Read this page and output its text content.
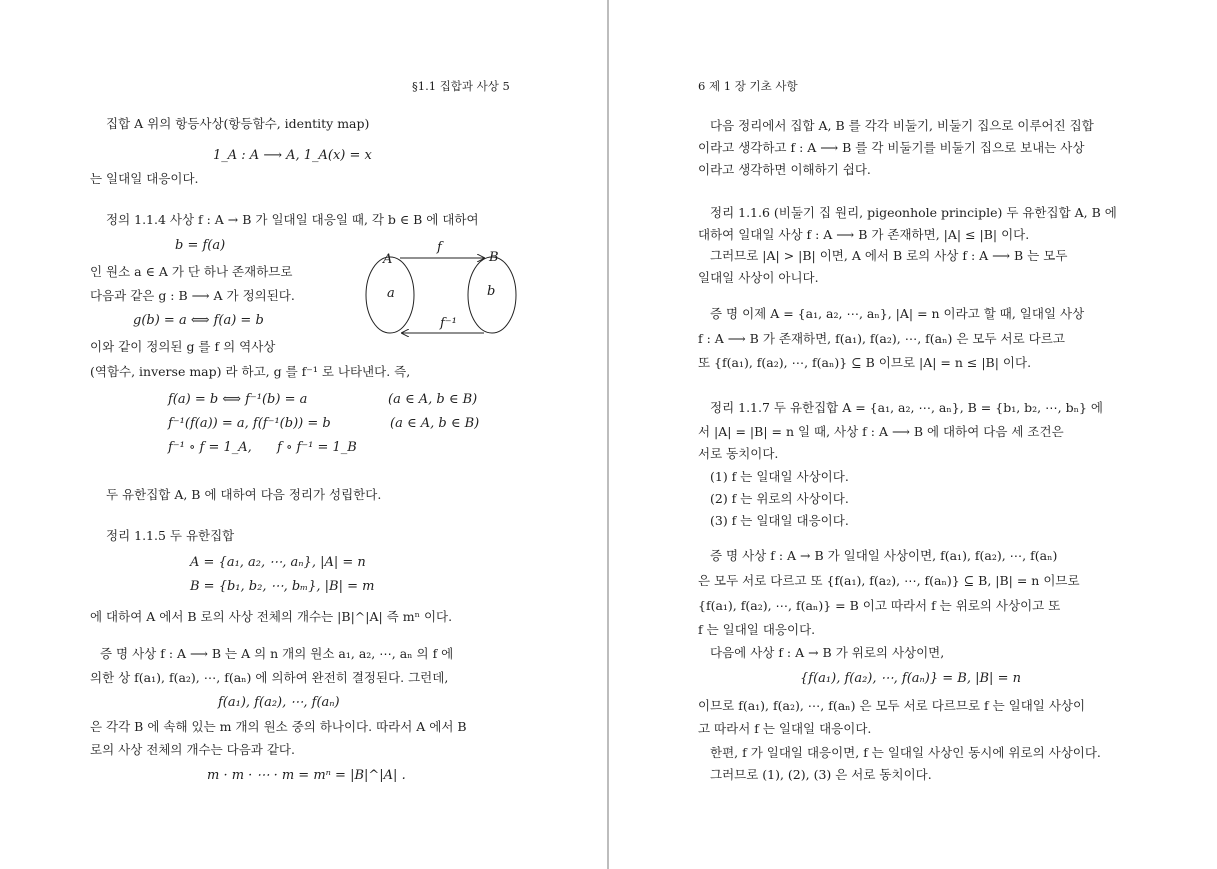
§1.1 집합과 사상 5
집합 A 위의 항등사상(항등함수, identity map)
1_A : A ⟶ A, 1_A(x) = x
는 일대일 대응이다.
정의 1.1.4 사상 f : A → B 가 일대일 대응일 때, 각 b ∈ B 에 대하여
b = f(a)
인 원소 a ∈ A 가 단 하나 존재하므로
다음과 같은 g : B ⟶ A 가 정의된다.
g(b) = a ⟺ f(a) = b
이와 같이 정의된 g 를 f 의 역사상
(역함수, inverse map) 라 하고, g 를 f⁻¹ 로 나타낸다. 즉,
f(a) = b ⟺ f⁻¹(b) = a	(a ∈ A, b ∈ B)
f⁻¹(f(a)) = a, f(f⁻¹(b)) = b	(a ∈ A, b ∈ B)
f⁻¹ ∘ f = 1_A, f ∘ f⁻¹ = 1_B
A	B
a	b
f
f⁻¹
두 유한집합 A, B 에 대하여 다음 정리가 성립한다.
정리 1.1.5 두 유한집합
A = {a₁, a₂, ⋯, aₙ}, |A| = n
B = {b₁, b₂, ⋯, bₘ}, |B| = m
에 대하여 A 에서 B 로의 사상 전체의 개수는 |B|^|A| 즉 mⁿ 이다.
증 명 사상 f : A ⟶ B 는 A 의 n 개의 원소 a₁, a₂, ⋯, aₙ 의 f 에
의한 상 f(a₁), f(a₂), ⋯, f(aₙ) 에 의하여 완전히 결정된다. 그런데,
f(a₁), f(a₂), ⋯, f(aₙ)
은 각각 B 에 속해 있는 m 개의 원소 중의 하나이다. 따라서 A 에서 B
로의 사상 전체의 개수는 다음과 같다.
m · m · ⋯ · m = mⁿ = |B|^|A| .
6 제 1 장 기초 사항
다음 정리에서 집합 A, B 를 각각 비둘기, 비둘기 집으로 이루어진 집합
이라고 생각하고 f : A ⟶ B 를 각 비둘기를 비둘기 집으로 보내는 사상
이라고 생각하면 이해하기 쉽다.
정리 1.1.6 (비둘기 집 원리, pigeonhole principle) 두 유한집합 A, B 에
대하여 일대일 사상 f : A ⟶ B 가 존재하면, |A| ≤ |B| 이다.
그러므로 |A| > |B| 이면, A 에서 B 로의 사상 f : A ⟶ B 는 모두
일대일 사상이 아니다.
증 명 이제 A = {a₁, a₂, ⋯, aₙ}, |A| = n 이라고 할 때, 일대일 사상
f : A ⟶ B 가 존재하면, f(a₁), f(a₂), ⋯, f(aₙ) 은 모두 서로 다르고
또 {f(a₁), f(a₂), ⋯, f(aₙ)} ⊆ B 이므로 |A| = n ≤ |B| 이다.
정리 1.1.7 두 유한집합 A = {a₁, a₂, ⋯, aₙ}, B = {b₁, b₂, ⋯, bₙ} 에
서 |A| = |B| = n 일 때, 사상 f : A ⟶ B 에 대하여 다음 세 조건은
서로 동치이다.
(1) f 는 일대일 사상이다.
(2) f 는 위로의 사상이다.
(3) f 는 일대일 대응이다.
증 명 사상 f : A → B 가 일대일 사상이면, f(a₁), f(a₂), ⋯, f(aₙ)
은 모두 서로 다르고 또 {f(a₁), f(a₂), ⋯, f(aₙ)} ⊆ B, |B| = n 이므로
{f(a₁), f(a₂), ⋯, f(aₙ)} = B 이고 따라서 f 는 위로의 사상이고 또
f 는 일대일 대응이다.
다음에 사상 f : A → B 가 위로의 사상이면,
{f(a₁), f(a₂), ⋯, f(aₙ)} = B, |B| = n
이므로 f(a₁), f(a₂), ⋯, f(aₙ) 은 모두 서로 다르므로 f 는 일대일 사상이
고 따라서 f 는 일대일 대응이다.
한편, f 가 일대일 대응이면, f 는 일대일 사상인 동시에 위로의 사상이다.
그러므로 (1), (2), (3) 은 서로 동치이다.
